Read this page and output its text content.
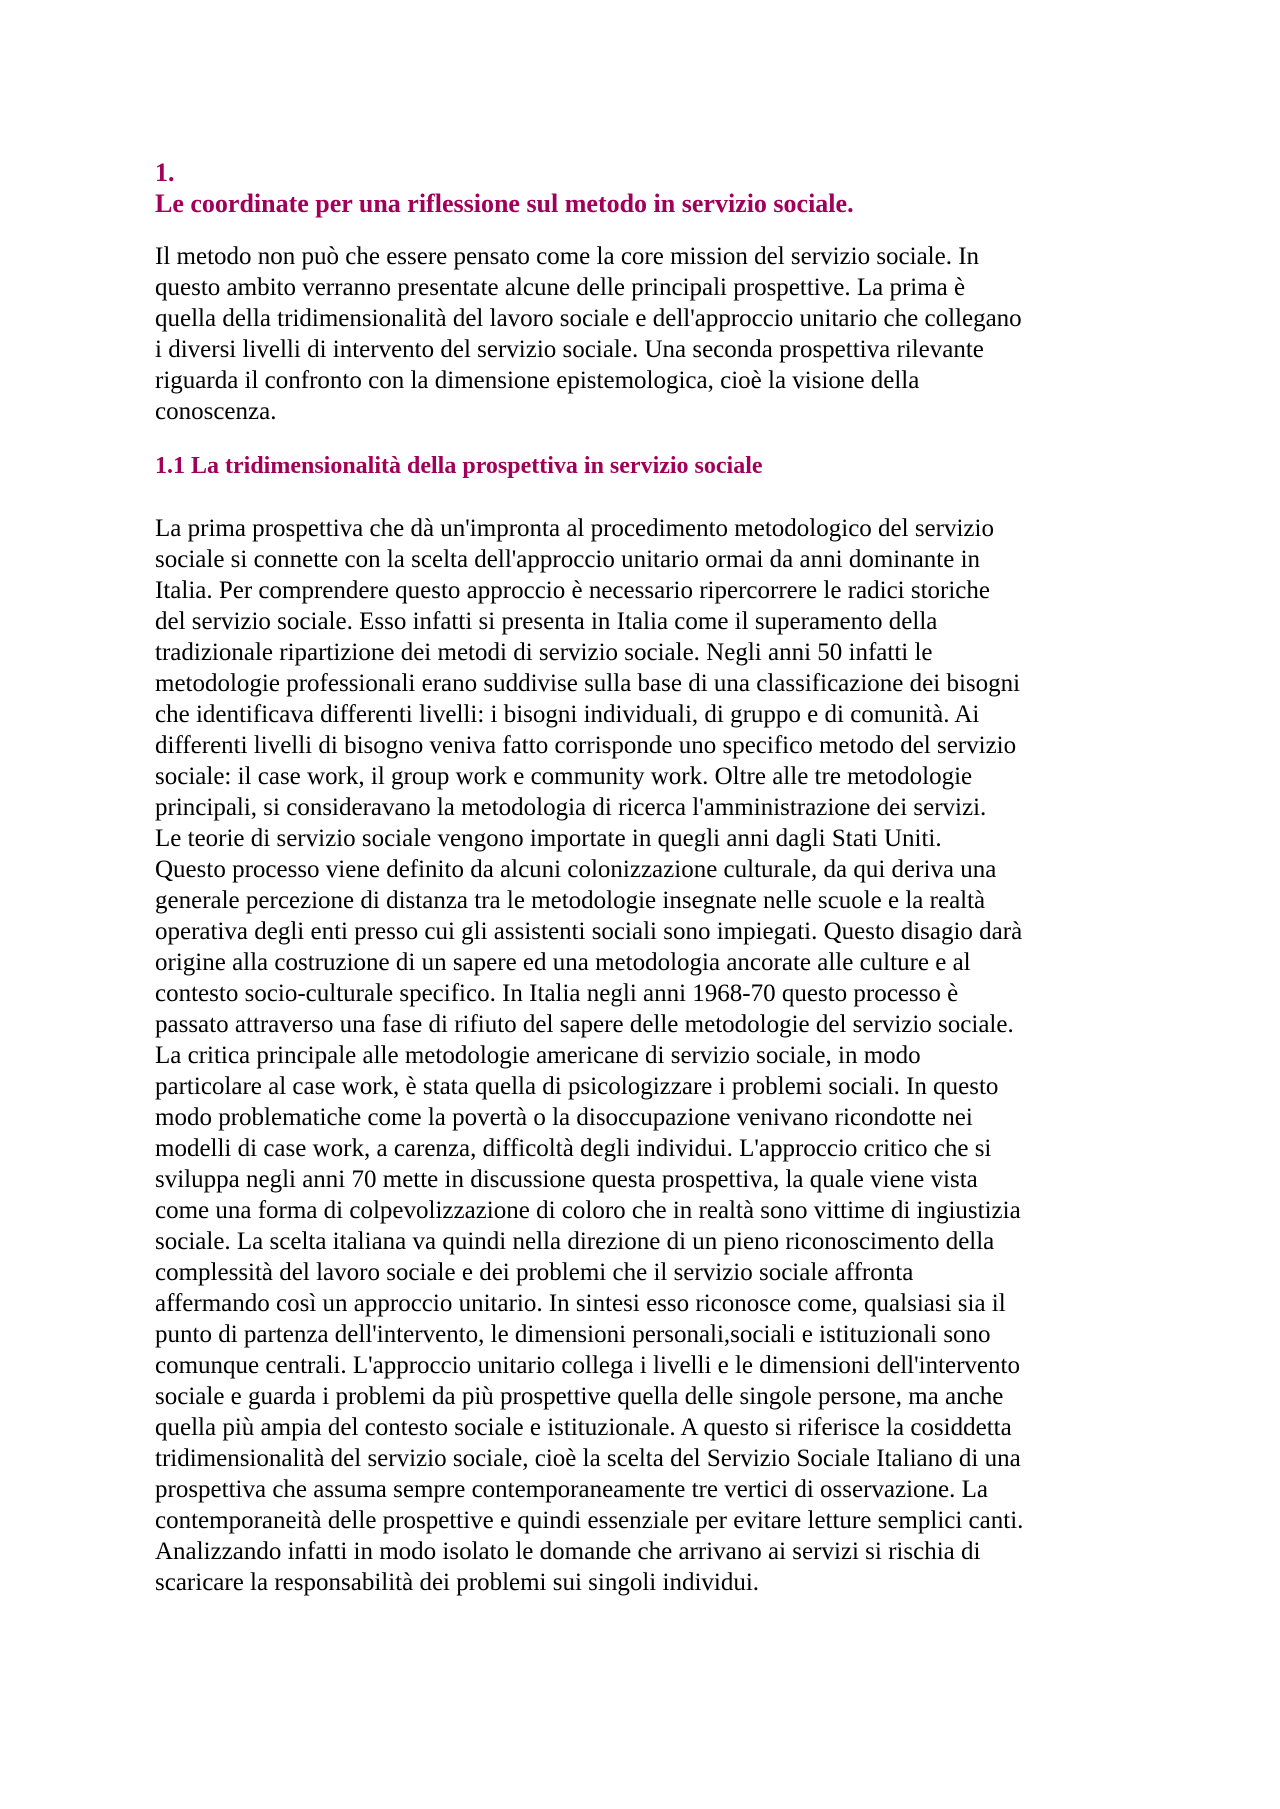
1.
Le coordinate per una riflessione sul metodo in servizio sociale.
Il metodo non può che essere pensato come la core mission del servizio sociale. In
questo ambito verranno presentate alcune delle principali prospettive. La prima è
quella della tridimensionalità del lavoro sociale e dell'approccio unitario che collegano
i diversi livelli di intervento del servizio sociale. Una seconda prospettiva rilevante
riguarda il confronto con la dimensione epistemologica, cioè la visione della
conoscenza.
1.1 La tridimensionalità della prospettiva in servizio sociale
La prima prospettiva che dà un'impronta al procedimento metodologico del servizio
sociale si connette con la scelta dell'approccio unitario ormai da anni dominante in
Italia. Per comprendere questo approccio è necessario ripercorrere le radici storiche
del servizio sociale. Esso infatti si presenta in Italia come il superamento della
tradizionale ripartizione dei metodi di servizio sociale. Negli anni 50 infatti le
metodologie professionali erano suddivise sulla base di una classificazione dei bisogni
che identificava differenti livelli: i bisogni individuali, di gruppo e di comunità. Ai
differenti livelli di bisogno veniva fatto corrisponde uno specifico metodo del servizio
sociale: il case work, il group work e community work. Oltre alle tre metodologie
principali, si consideravano la metodologia di ricerca l'amministrazione dei servizi.
Le teorie di servizio sociale vengono importate in quegli anni dagli Stati Uniti.
Questo processo viene definito da alcuni colonizzazione culturale, da qui deriva una
generale percezione di distanza tra le metodologie insegnate nelle scuole e la realtà
operativa degli enti presso cui gli assistenti sociali sono impiegati. Questo disagio darà
origine alla costruzione di un sapere ed una metodologia ancorate alle culture e al
contesto socio-culturale specifico. In Italia negli anni 1968-70 questo processo è
passato attraverso una fase di rifiuto del sapere delle metodologie del servizio sociale.
La critica principale alle metodologie americane di servizio sociale, in modo
particolare al case work, è stata quella di psicologizzare i problemi sociali. In questo
modo problematiche come la povertà o la disoccupazione venivano ricondotte nei
modelli di case work, a carenza, difficoltà degli individui. L'approccio critico che si
sviluppa negli anni 70 mette in discussione questa prospettiva, la quale viene vista
come una forma di colpevolizzazione di coloro che in realtà sono vittime di ingiustizia
sociale. La scelta italiana va quindi nella direzione di un pieno riconoscimento della
complessità del lavoro sociale e dei problemi che il servizio sociale affronta
affermando così un approccio unitario. In sintesi esso riconosce come, qualsiasi sia il
punto di partenza dell'intervento, le dimensioni personali,sociali e istituzionali sono
comunque centrali. L'approccio unitario collega i livelli e le dimensioni dell'intervento
sociale e guarda i problemi da più prospettive quella delle singole persone, ma anche
quella più ampia del contesto sociale e istituzionale. A questo si riferisce la cosiddetta
tridimensionalità del servizio sociale, cioè la scelta del Servizio Sociale Italiano di una
prospettiva che assuma sempre contemporaneamente tre vertici di osservazione. La
contemporaneità delle prospettive e quindi essenziale per evitare letture semplici canti.
Analizzando infatti in modo isolato le domande che arrivano ai servizi si rischia di
scaricare la responsabilità dei problemi sui singoli individui.
